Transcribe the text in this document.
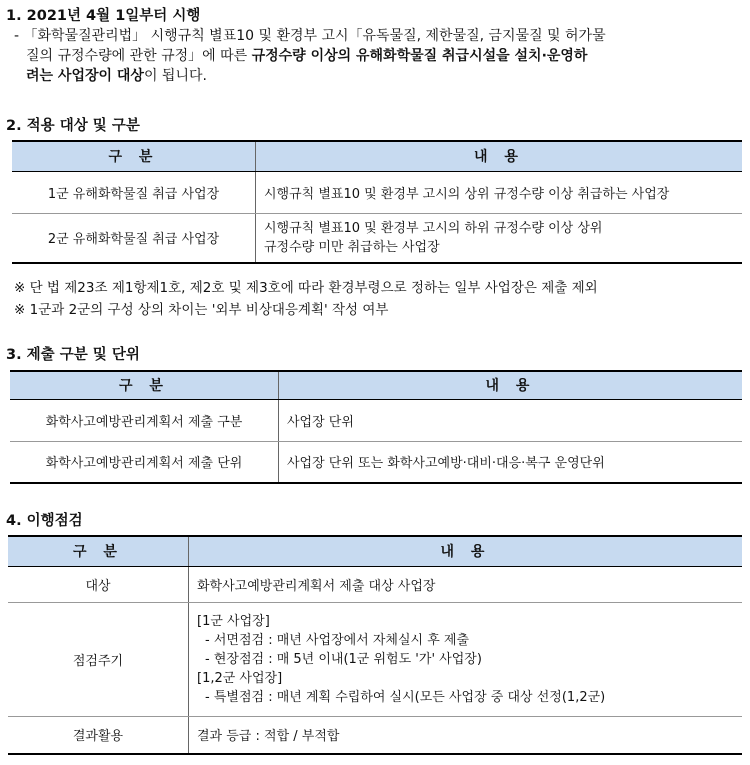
1. 2021년 4월 1일부터 시행
- 「화학물질관리법」 시행규칙 별표10 및 환경부 고시「유독물질, 제한물질, 금지물질 및 허가물
질의 규정수량에 관한 규정」에 따른 규정수량 이상의 유해화학물질 취급시설을 설치·운영하
려는 사업장이 대상이 됩니다.
2. 적용 대상 및 구분
구 분	내 용
1군 유해화학물질 취급 사업장	시행규칙 별표10 및 환경부 고시의 상위 규정수량 이상 취급하는 사업장
2군 유해화학물질 취급 사업장	시행규칙 별표10 및 환경부 고시의 하위 규정수량 이상 상위
규정수량 미만 취급하는 사업장
※ 단 법 제23조 제1항제1호, 제2호 및 제3호에 따라 환경부령으로 정하는 일부 사업장은 제출 제외
※ 1군과 2군의 구성 상의 차이는 '외부 비상대응계획' 작성 여부
3. 제출 구분 및 단위
구 분	내 용
화학사고예방관리계획서 제출 구분	사업장 단위
화학사고예방관리계획서 제출 단위	사업장 단위 또는 화학사고예방·대비·대응·복구 운영단위
4. 이행점검
구 분	내 용
대상	화학사고예방관리계획서 제출 대상 사업장
점검주기	[1군 사업장]
- 서면점검 : 매년 사업장에서 자체실시 후 제출
- 현장점검 : 매 5년 이내(1군 위험도 '가' 사업장)
[1,2군 사업장]
- 특별점검 : 매년 계획 수립하여 실시(모든 사업장 중 대상 선정(1,2군)

결과활용	결과 등급 : 적합 / 부적합
